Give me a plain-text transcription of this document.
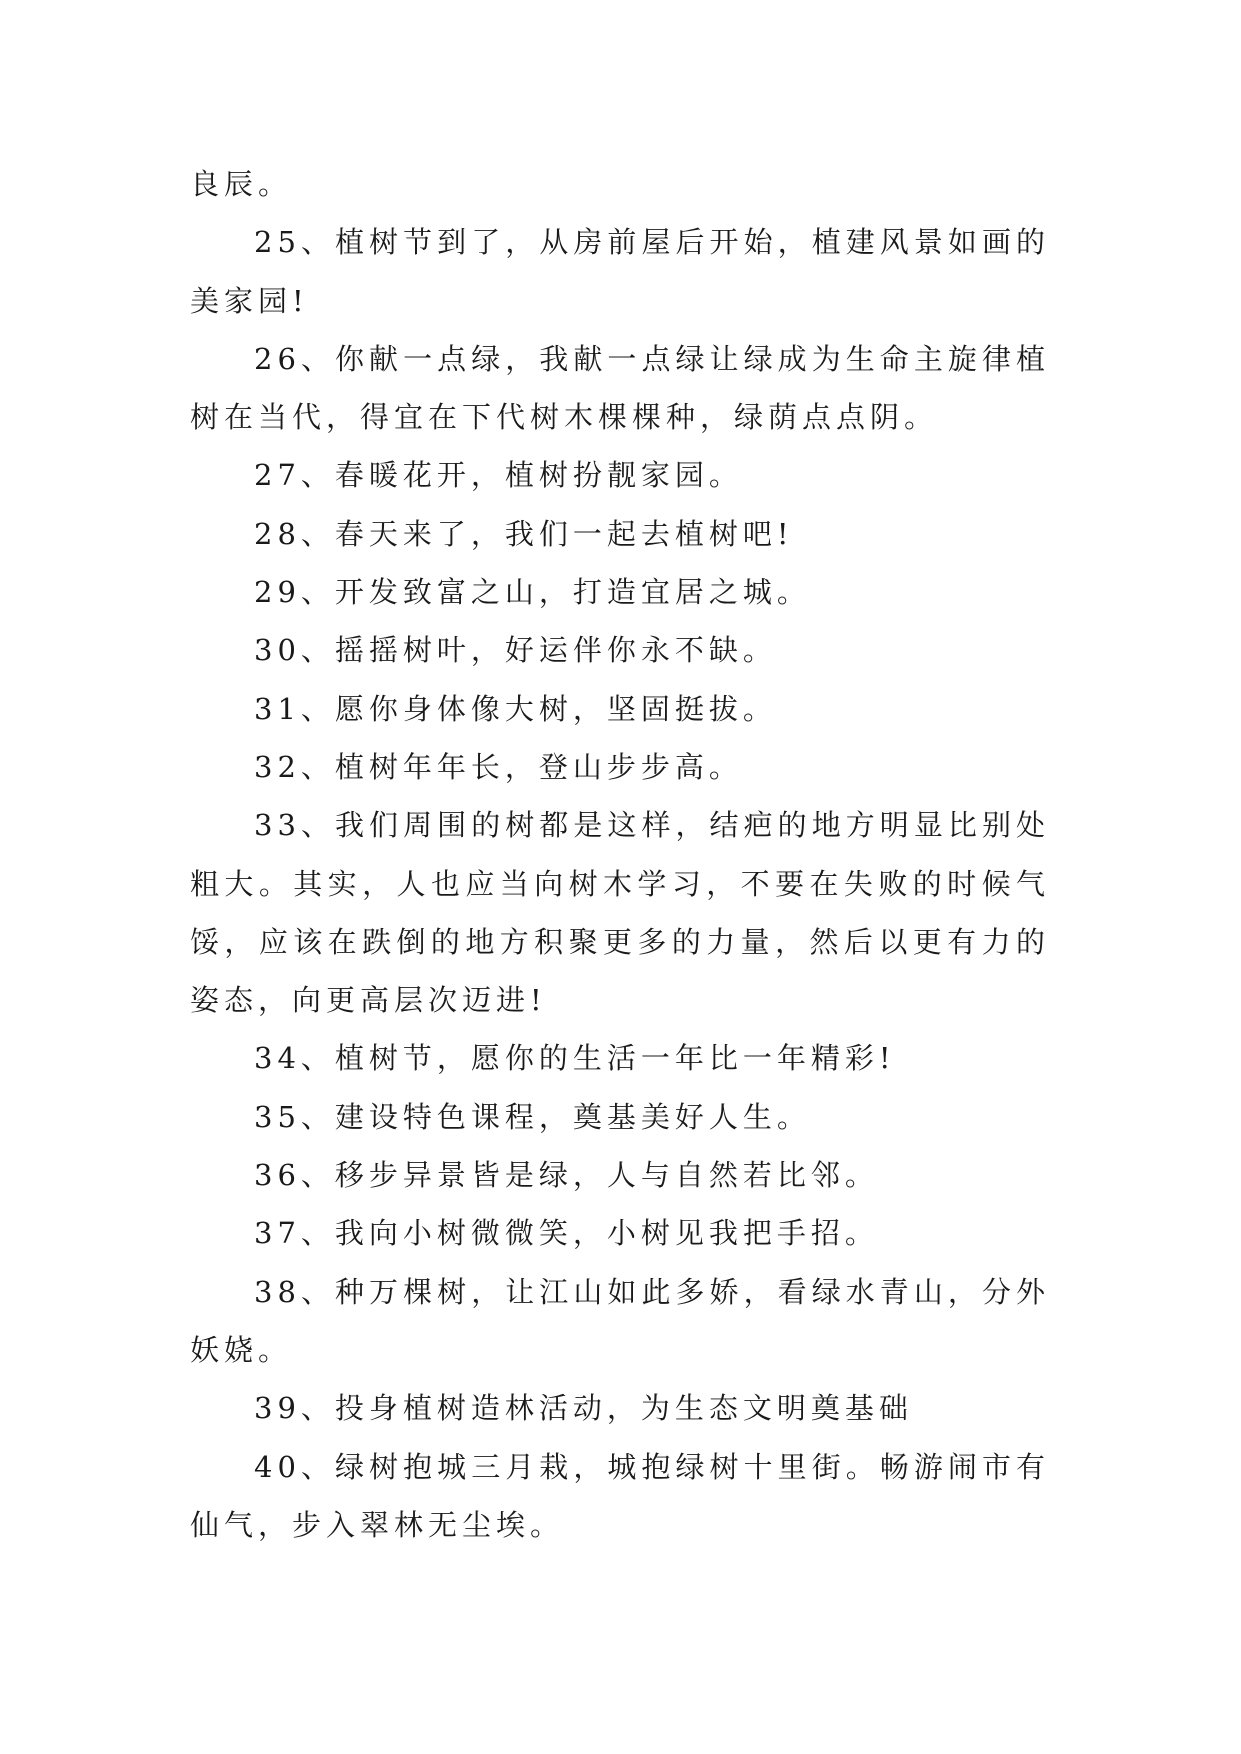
良辰。

25、植树节到了，从房前屋后开始，植建风景如画的美家园!

26、你献一点绿，我献一点绿让绿成为生命主旋律植树在当代，得宜在下代树木棵棵种，绿荫点点阴。

27、春暖花开，植树扮靓家园。

28、春天来了，我们一起去植树吧!

29、开发致富之山，打造宜居之城。

30、摇摇树叶，好运伴你永不缺。

31、愿你身体像大树，坚固挺拔。

32、植树年年长，登山步步高。

33、我们周围的树都是这样，结疤的地方明显比别处粗大。其实，人也应当向树木学习，不要在失败的时候气馁，应该在跌倒的地方积聚更多的力量，然后以更有力的姿态，向更高层次迈进!

34、植树节，愿你的生活一年比一年精彩!

35、建设特色课程，奠基美好人生。

36、移步异景皆是绿，人与自然若比邻。

37、我向小树微微笑，小树见我把手招。

38、种万棵树，让江山如此多娇，看绿水青山，分外妖娆。

39、投身植树造林活动，为生态文明奠基础

40、绿树抱城三月栽，城抱绿树十里街。畅游闹市有仙气，步入翠林无尘埃。
